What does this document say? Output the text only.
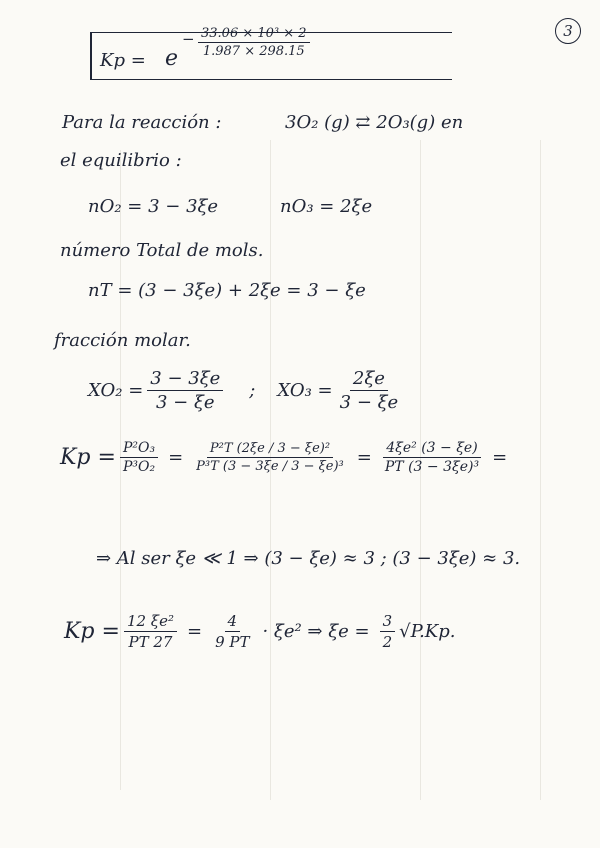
3
Kp = e
− $\frac{\text{33.06 × 10³ × 2}}{1.987 \times 298.15}$
Para la reacción :	3O₂ (g) ⇄ 2O₃(g) en
el equilibrio :
nO₂ = 3 − 3ξe	nO₃ = 2ξe
número Total de mols.
nT = (3 − 3ξe) + 2ξe = 3 − ξe
fracción molar.
$XO_2 = \frac{3 - 3\xi e}{3 - \xi e}$ ; $XO_3 = \frac{2\xi e}{3 - \xi e}$
$Kp = \frac{\text{P²O₃}}{\text{P³O₂}} = \frac{\text{P²T (2ξe / 3 − ξe)²}}{\text{P³T (3 − 3ξe / 3 − ξe)³}} = \frac{\text{4ξe² (3 − ξe)}}{\text{PT (3 − 3ξe)³}}$ =
⇒ Al ser ξe ≪ 1 ⇒ (3 − ξe) ≈ 3 ; (3 − 3ξe) ≈ 3.
$Kp = \frac{\text{12 ξe²}}{PT 27} = \frac{4}{9 PT} \cdot \xi e^2$ ⇒ $\xi e = \frac{3}{2} √P.Kp$.
